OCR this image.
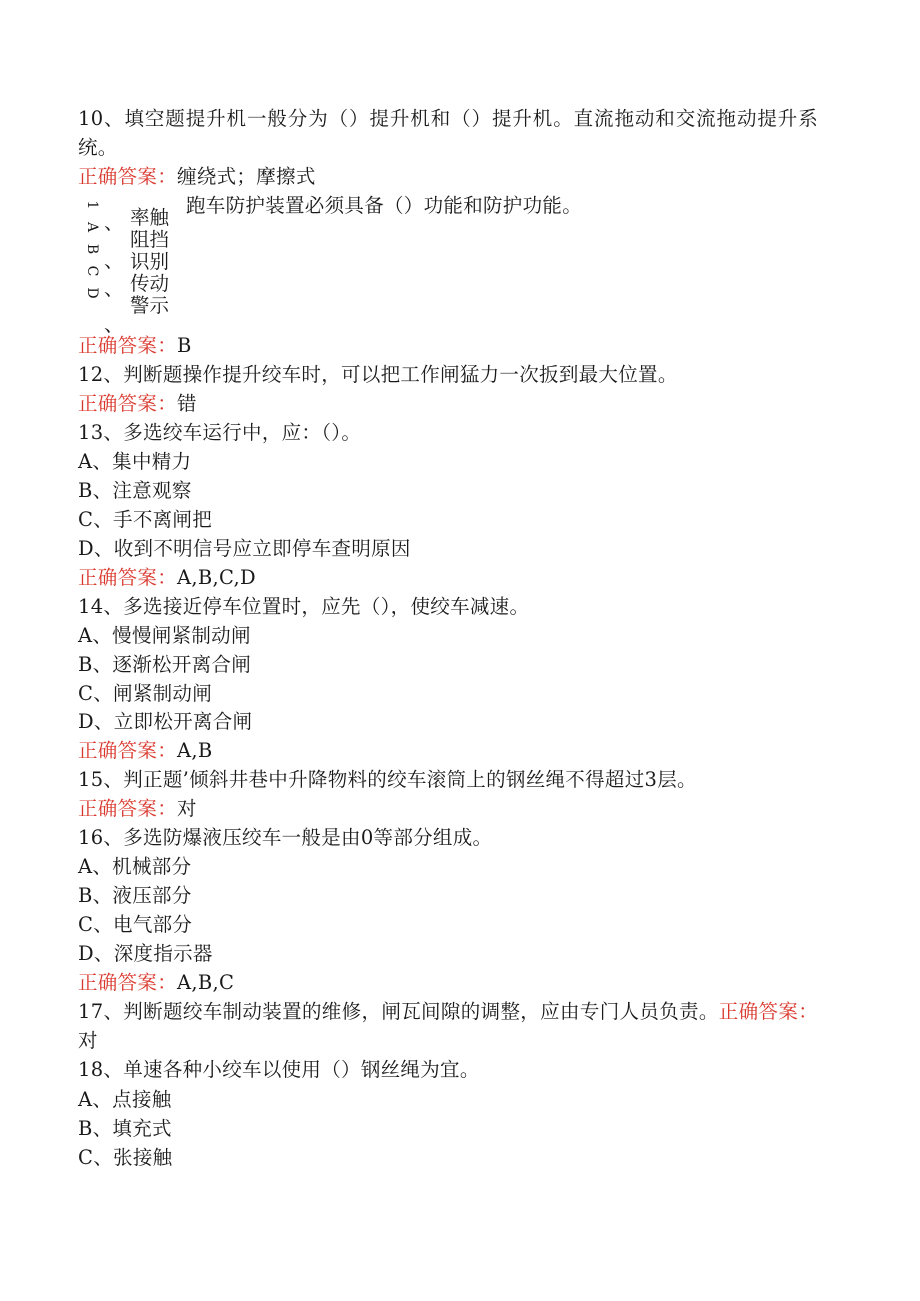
10、填空题提升机一般分为（）提升机和（）提升机。直流拖动和交流拖动提升系统。
正确答案：缠绕式；摩擦式
跑车防护装置必须具备（）功能和防护功能。
1
A
B
C
D
、
、
、
、
率触
阻挡
识别
传动
警示
正确答案：B
12、判断题操作提升绞车时，可以把工作闸猛力一次扳到最大位置。
正确答案：错
13、多选绞车运行中，应：（）。
A、集中精力
B、注意观察
C、手不离闸把
D、收到不明信号应立即停车查明原因
正确答案：A,B,C,D
14、多选接近停车位置时，应先（），使绞车减速。
A、慢慢闸紧制动闸
B、逐渐松开离合闸
C、闸紧制动闸
D、立即松开离合闸
正确答案：A,B
15、判正题’倾斜井巷中升降物料的绞车滚筒上的钢丝绳不得超过3层。
正确答案：对
16、多选防爆液压绞车一般是由0等部分组成。
A、机械部分
B、液压部分
C、电气部分
D、深度指示器
正确答案：A,B,C
17、判断题绞车制动装置的维修，闸瓦间隙的调整，应由专门人员负责。正确答案：对
18、单速各种小绞车以使用（）钢丝绳为宜。
A、点接触
B、填充式
C、张接触
